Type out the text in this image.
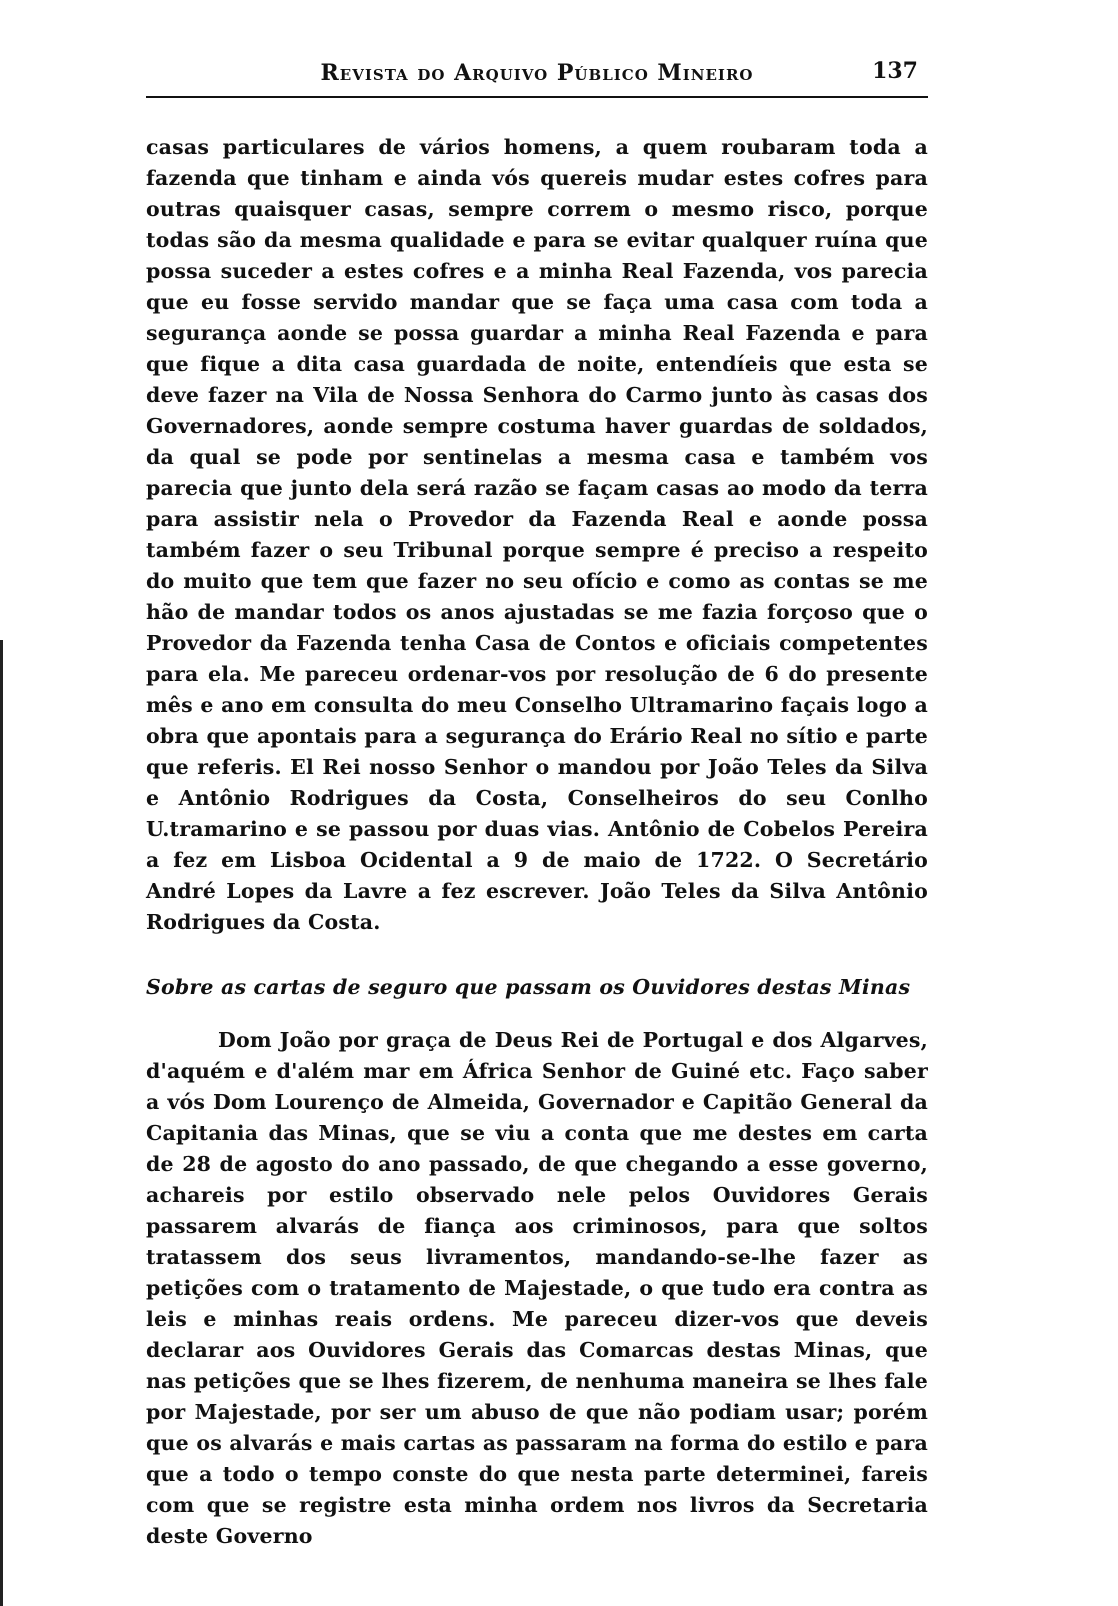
Revista do Arquivo Público Mineiro	137

casas particulares de vários homens, a quem roubaram toda a fazenda que tinham e ainda vós quereis mudar estes cofres para outras quaisquer casas, sempre correm o mesmo risco, porque todas são da mesma qualidade e para se evitar qualquer ruína que possa suceder a estes cofres e a minha Real Fazenda, vos parecia que eu fosse servido mandar que se faça uma casa com toda a segurança aonde se possa guardar a minha Real Fazenda e para que fique a dita casa guardada de noite, entendíeis que esta se deve fazer na Vila de Nossa Senhora do Carmo junto às casas dos Governadores, aonde sempre costuma haver guardas de soldados, da qual se pode por sentinelas a mesma casa e também vos parecia que junto dela será razão se façam casas ao modo da terra para assistir nela o Provedor da Fazenda Real e aonde possa também fazer o seu Tribunal porque sempre é preciso a respeito do muito que tem que fazer no seu ofício e como as contas se me hão de mandar todos os anos ajustadas se me fazia forçoso que o Provedor da Fazenda tenha Casa de Contos e oficiais competentes para ela. Me pareceu ordenar-vos por resolução de 6 do presente mês e ano em consulta do meu Conselho Ultramarino façais logo a obra que apontais para a segurança do Erário Real no sítio e parte que referis. El Rei nosso Senhor o mandou por João Teles da Silva e Antônio Rodrigues da Costa, Conselheiros do seu Conlho U.tramarino e se passou por duas vias. Antônio de Cobelos Pereira a fez em Lisboa Ocidental a 9 de maio de 1722. O Secretário André Lopes da Lavre a fez escrever. João Teles da Silva Antônio Rodrigues da Costa.

Sobre as cartas de seguro que passam os Ouvidores destas Minas

Dom João por graça de Deus Rei de Portugal e dos Algarves, d'aquém e d'além mar em África Senhor de Guiné etc. Faço saber a vós Dom Lourenço de Almeida, Governador e Capitão General da Capitania das Minas, que se viu a conta que me destes em carta de 28 de agosto do ano passado, de que chegando a esse governo, achareis por estilo observado nele pelos Ouvidores Gerais passarem alvarás de fiança aos criminosos, para que soltos tratassem dos seus livramentos, mandando-se-lhe fazer as petições com o tratamento de Majestade, o que tudo era contra as leis e minhas reais ordens. Me pareceu dizer-vos que deveis declarar aos Ouvidores Gerais das Comarcas destas Minas, que nas petições que se lhes fizerem, de nenhuma maneira se lhes fale por Majestade, por ser um abuso de que não podiam usar; porém que os alvarás e mais cartas as passaram na forma do estilo e para que a todo o tempo conste do que nesta parte determinei, fareis com que se registre esta minha ordem nos livros da Secretaria deste Governo
